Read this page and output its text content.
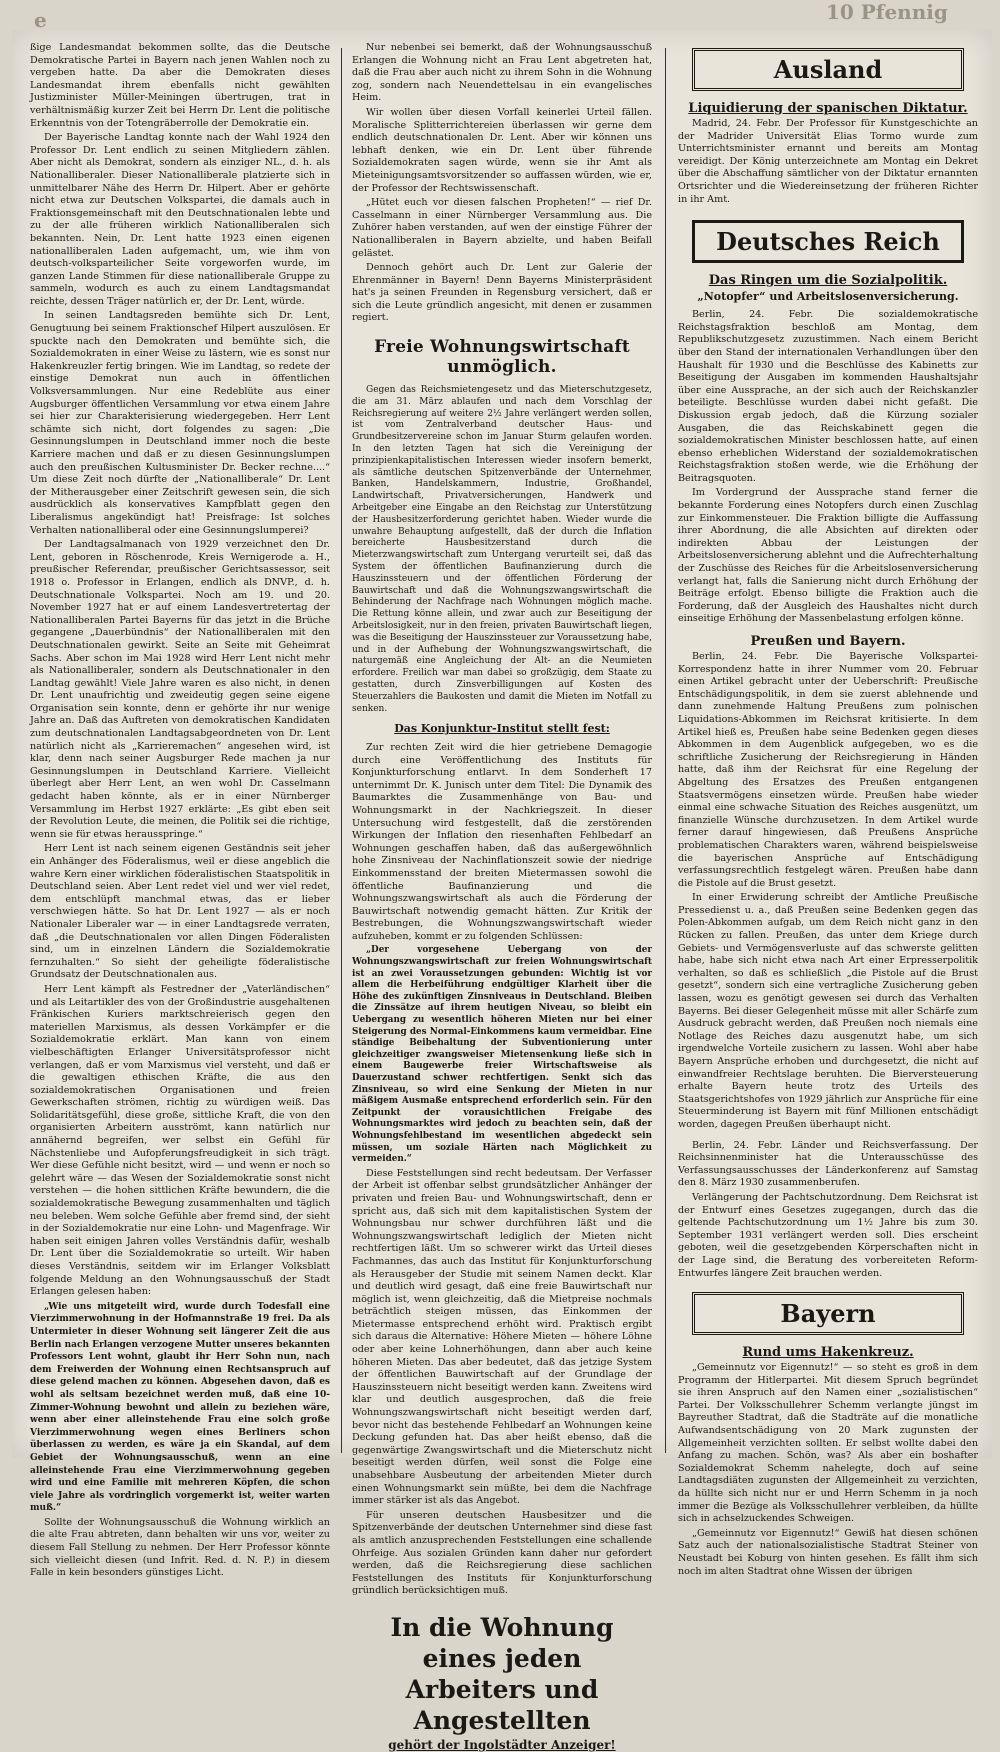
e	10 Pfennig

ßige Landesmandat bekommen sollte, das die Deutsche Demokratische Partei in Bayern nach jenen Wahlen noch zu vergeben hatte. Da aber die Demokraten dieses Landesmandat ihrem ebenfalls nicht gewählten Justizminister Müller-Meiningen übertrugen, trat in verhältnismäßig kurzer Zeit bei Herrn Dr. Lent die politische Erkenntnis von der Totengräberrolle der Demokratie ein.

Der Bayerische Landtag konnte nach der Wahl 1924 den Professor Dr. Lent endlich zu seinen Mitgliedern zählen. Aber nicht als Demokrat, sondern als einziger NL., d. h. als Nationalliberaler. Dieser Nationalliberale platzierte sich in unmittelbarer Nähe des Herrn Dr. Hilpert. Aber er gehörte nicht etwa zur Deutschen Volkspartei, die damals auch in Fraktionsgemeinschaft mit den Deutschnationalen lebte und zu der alle früheren wirklich Nationalliberalen sich bekannten. Nein, Dr. Lent hatte 1923 einen eigenen nationalliberalen Laden aufgemacht, um, wie ihm von deutsch-volksparteilicher Seite vorgeworfen wurde, im ganzen Lande Stimmen für diese nationalliberale Gruppe zu sammeln, wodurch es auch zu einem Landtagsmandat reichte, dessen Träger natürlich er, der Dr. Lent, würde.

In seinen Landtagsreden bemühte sich Dr. Lent, Genugtuung bei seinem Fraktionschef Hilpert auszulösen. Er spuckte nach den Demokraten und bemühte sich, die Sozialdemokraten in einer Weise zu lästern, wie es sonst nur Hakenkreuzler fertig bringen. Wie im Landtag, so redete der einstige Demokrat nun auch in öffentlichen Volksversammlungen. Nur eine Redeblüte aus einer Augsburger öffentlichen Versammlung vor etwa einem Jahre sei hier zur Charakterisierung wiedergegeben. Herr Lent schämte sich nicht, dort folgendes zu sagen: „Die Gesinnungslumpen in Deutschland immer noch die beste Karriere machen und daß er zu diesen Gesinnungslumpen auch den preußischen Kultusminister Dr. Becker rechne....“ Um diese Zeit noch dürfte der „Nationalliberale“ Dr. Lent der Mitherausgeber einer Zeitschrift gewesen sein, die sich ausdrücklich als konservatives Kampfblatt gegen den Liberalismus angekündigt hat! Preisfrage: Ist solches Verhalten nationalliberal oder eine Gesinnungslumperei?

Der Landtagsalmanach von 1929 verzeichnet den Dr. Lent, geboren in Röschenrode, Kreis Wernigerode a. H., preußischer Referendar, preußischer Gerichtsassessor, seit 1918 o. Professor in Erlangen, endlich als DNVP., d. h. Deutschnationale Volkspartei. Noch am 19. und 20. November 1927 hat er auf einem Landesvertretertag der Nationalliberalen Partei Bayerns für das jetzt in die Brüche gegangene „Dauerbündnis“ der Nationalliberalen mit den Deutschnationalen gewirkt. Seite an Seite mit Geheimrat Sachs. Aber schon im Mai 1928 wird Herr Lent nicht mehr als Nationalliberaler, sondern als Deutschnationaler in den Landtag gewählt! Viele Jahre waren es also nicht, in denen Dr. Lent unaufrichtig und zweideutig gegen seine eigene Organisation sein konnte, denn er gehörte ihr nur wenige Jahre an. Daß das Auftreten von demokratischen Kandidaten zum deutschnationalen Landtagsabgeordneten von Dr. Lent natürlich nicht als „Karrieremachen“ angesehen wird, ist klar, denn nach seiner Augsburger Rede machen ja nur Gesinnungslumpen in Deutschland Karriere. Vielleicht überlegt aber Herr Lent, an wen wohl Dr. Casselmann gedacht haben könnte, als er in einer Nürnberger Versammlung im Herbst 1927 erklärte: „Es gibt eben seit der Revolution Leute, die meinen, die Politik sei die richtige, wenn sie für etwas herausspringe.“

Herr Lent ist nach seinem eigenen Geständnis seit jeher ein Anhänger des Föderalismus, weil er diese angeblich die wahre Kern einer wirklichen föderalistischen Staatspolitik in Deutschland seien. Aber Lent redet viel und wer viel redet, dem entschlüpft manchmal etwas, das er lieber verschwiegen hätte. So hat Dr. Lent 1927 — als er noch Nationaler Liberaler war — in einer Landtagsrede verraten, daß „die Deutschnationalen vor allen Dingen Föderalisten sind, um in einzelnen Ländern die Sozialdemokratie fernzuhalten.“ So sieht der geheiligte föderalistische Grundsatz der Deutschnationalen aus.

Herr Lent kämpft als Festredner der „Vaterländischen“ und als Leitartikler des von der Großindustrie ausgehaltenen Fränkischen Kuriers marktschreierisch gegen den materiellen Marxismus, als dessen Vorkämpfer er die Sozialdemokratie erklärt. Man kann von einem vielbeschäftigten Erlanger Universitätsprofessor nicht verlangen, daß er vom Marxismus viel versteht, und daß er die gewaltigen ethischen Kräfte, die aus den sozialdemokratischen Organisationen und freien Gewerkschaften strömen, richtig zu würdigen weiß. Das Solidaritätsgefühl, diese große, sittliche Kraft, die von den organisierten Arbeitern ausströmt, kann natürlich nur annähernd begreifen, wer selbst ein Gefühl für Nächstenliebe und Aufopferungsfreudigkeit in sich trägt. Wer diese Gefühle nicht besitzt, wird — und wenn er noch so gelehrt wäre — das Wesen der Sozialdemokratie sonst nicht verstehen — die hohen sittlichen Kräfte bewundern, die die sozialdemokratische Bewegung zusammenhalten und täglich neu beleben. Wem solche Gefühle aber fremd sind, der sieht in der Sozialdemokratie nur eine Lohn- und Magenfrage. Wir haben seit einigen Jahren volles Verständnis dafür, weshalb Dr. Lent über die Sozialdemokratie so urteilt. Wir haben dieses Verständnis, seitdem wir im Erlanger Volksblatt folgende Meldung an den Wohnungsausschuß der Stadt Erlangen gelesen haben:

„Wie uns mitgeteilt wird, wurde durch Todesfall eine Vierzimmerwohnung in der Hofmannstraße 19 frei. Da als Untermieter in dieser Wohnung seit längerer Zeit die aus Berlin nach Erlangen verzogene Mutter unseres bekannten Professors Lent wohnt, glaubt ihr Herr Sohn nun, nach dem Freiwerden der Wohnung einen Rechtsanspruch auf diese gelend machen zu können. Abgesehen davon, daß es wohl als seltsam bezeichnet werden muß, daß eine 10-Zimmer-Wohnung bewohnt und allein zu beziehen wäre, wenn aber einer alleinstehende Frau eine solch große Vierzimmerwohnung wegen eines Berliners schon überlassen zu werden, es wäre ja ein Skandal, auf dem Gebiet der Wohnungsausschuß, wenn an eine alleinstehende Frau eine Vierzimmerwohnung gegeben wird und eine Familie mit mehreren Köpfen, die schon viele Jahre als vordringlich vorgemerkt ist, weiter warten muß.“

Sollte der Wohnungsausschuß die Wohnung wirklich an die alte Frau abtreten, dann behalten wir uns vor, weiter zu diesem Fall Stellung zu nehmen. Der Herr Professor könnte sich vielleicht diesen (und Infrit. Red. d. N. P.) in diesem Falle in kein besonders günstiges Licht.

Nur nebenbei sei bemerkt, daß der Wohnungsausschuß Erlangen die Wohnung nicht an Frau Lent abgetreten hat, daß die Frau aber auch nicht zu ihrem Sohn in die Wohnung zog, sondern nach Neuendettelsau in ein evangelisches Heim.

Wir wollen über diesen Vorfall keinerlei Urteil fällen. Moralische Splitterrichtereien überlassen wir gerne dem endlich deutschnationalen Dr. Lent. Aber wir können uns lebhaft denken, wie ein Dr. Lent über führende Sozialdemokraten sagen würde, wenn sie ihr Amt als Mieteinigungsamtsvorsitzender so auffassen würden, wie er, der Professor der Rechtswissenschaft.

„Hütet euch vor diesen falschen Propheten!“ — rief Dr. Casselmann in einer Nürnberger Versammlung aus. Die Zuhörer haben verstanden, auf wen der einstige Führer der Nationalliberalen in Bayern abzielte, und haben Beifall gelästet.

Dennoch gehört auch Dr. Lent zur Galerie der Ehrenmänner in Bayern! Denn Bayerns Ministerpräsident hat's ja seinen Freunden in Regensburg versichert, daß er sich die Leute gründlich angesicht, mit denen er zusammen regiert.

Freie Wohnungswirtschaft unmöglich.

Gegen das Reichsmietengesetz und das Mieterschutzgesetz, die am 31. März ablaufen und nach dem Vorschlag der Reichsregierung auf weitere 2½ Jahre verlängert werden sollen, ist vom Zentralverband deutscher Haus- und Grundbesitzervereine schon im Januar Sturm gelaufen worden. In den letzten Tagen hat sich die Vereinigung der prinzipienkapitalistischen Interessen wieder insofern bemerkt, als sämtliche deutschen Spitzenverbände der Unternehmer, Banken, Handelskammern, Industrie, Großhandel, Landwirtschaft, Privatversicherungen, Handwerk und Arbeitgeber eine Eingabe an den Reichstag zur Unterstützung der Hausbesitzerforderung gerichtet haben. Wieder wurde die unwahre Behauptung aufgestellt, daß der durch die Inflation bereicherte Hausbesitzerstand durch die Mieterzwangswirtschaft zum Untergang verurteilt sei, daß das System der öffentlichen Baufinanzierung durch die Hauszinssteuern und der öffentlichen Förderung der Bauwirtschaft und daß die Wohnungszwangswirtschaft die Behinderung der Nachfrage nach Wohnungen möglich mache. Die Rettung könne allein, und zwar auch zur Beseitigung der Arbeitslosigkeit, nur in den freien, privaten Bauwirtschaft liegen, was die Beseitigung der Hauszinssteuer zur Voraussetzung habe, und in der Aufhebung der Wohnungszwangswirtschaft, die naturgemäß eine Angleichung der Alt- an die Neumieten erfordere. Freilich war man dabei so großzügig, dem Staate zu gestatten, durch Zinsverbilligungen auf Kosten des Steuerzahlers die Baukosten und damit die Mieten im Notfall zu senken.

Das Konjunktur-Institut stellt fest:

Zur rechten Zeit wird die hier getriebene Demagogie durch eine Veröffentlichung des Instituts für Konjunkturforschung entlarvt. In dem Sonderheft 17 unternimmt Dr. K. Junisch unter dem Titel: Die Dynamik des Baumarktes die Zusammenhänge von Bau- und Wohnungsmarkt in der Nachkriegszeit. In dieser Untersuchung wird festgestellt, daß die zerstörenden Wirkungen der Inflation den riesenhaften Fehlbedarf an Wohnungen geschaffen haben, daß das außergewöhnlich hohe Zinsniveau der Nachinflationszeit sowie der niedrige Einkommensstand der breiten Mietermassen sowohl die öffentliche Baufinanzierung und die Wohnungszwangswirtschaft als auch die Förderung der Bauwirtschaft notwendig gemacht hätten. Zur Kritik der Bestrebungen, die Wohnungszwangswirtschaft wieder aufzuheben, kommt er zu folgenden Schlüssen:

„Der vorgesehene Uebergang von der Wohnungszwangswirtschaft zur freien Wohnungswirtschaft ist an zwei Voraussetzungen gebunden: Wichtig ist vor allem die Herbeiführung endgültiger Klarheit über die Höhe des zukünftigen Zinsniveaus in Deutschland. Bleiben die Zinssätze auf ihrem heutigen Niveau, so bleibt ein Uebergang zu wesentlich höheren Mieten nur bei einer Steigerung des Normal-Einkommens kaum vermeidbar. Eine ständige Beibehaltung der Subventionierung unter gleichzeitiger zwangsweiser Mietensenkung ließe sich in einem Baugewerbe freier Wirtschaftsweise als Dauerzustand schwer rechtfertigen. Senkt sich das Zinsniveau, so wird eine Senkung der Mieten in nur mäßigem Ausmaße entsprechend erforderlich sein. Für den Zeitpunkt der vorausichtlichen Freigabe des Wohnungsmarktes wird jedoch zu beachten sein, daß der Wohnungsfehlbestand im wesentlichen abgedeckt sein müssen, um soziale Härten nach Möglichkeit zu vermeiden.“

Diese Feststellungen sind recht bedeutsam. Der Verfasser der Arbeit ist offenbar selbst grundsätzlicher Anhänger der privaten und freien Bau- und Wohnungswirtschaft, denn er spricht aus, daß sich mit dem kapitalistischen System der Wohnungsbau nur schwer durchführen läßt und die Wohnungszwangswirtschaft lediglich der Mieten nicht rechtfertigen läßt. Um so schwerer wirkt das Urteil dieses Fachmannes, das auch das Institut für Konjunkturforschung als Herausgeber der Studie mit seinem Namen deckt. Klar und deutlich wird gesagt, daß eine freie Bauwirtschaft nur möglich ist, wenn gleichzeitig, daß die Mietpreise nochmals beträchtlich steigen müssen, das Einkommen der Mietermasse entsprechend erhöht wird. Praktisch ergibt sich daraus die Alternative: Höhere Mieten — höhere Löhne oder aber keine Lohnerhöhungen, dann aber auch keine höheren Mieten. Das aber bedeutet, daß das jetzige System der öffentlichen Bauwirtschaft auf der Grundlage der Hauszinssteuern nicht beseitigt werden kann. Zweitens wird klar und deutlich ausgesprochen, daß die freie Wohnungszwangswirtschaft nicht beseitigt werden darf, bevor nicht das bestehende Fehlbedarf an Wohnungen keine Deckung gefunden hat. Das aber heißt ebenso, daß die gegenwärtige Zwangswirtschaft und die Mieterschutz nicht beseitigt werden dürfen, weil sonst die Folge eine unabsehbare Ausbeutung der arbeitenden Mieter durch einen Wohnungsmarkt sein müßte, bei dem die Nachfrage immer stärker ist als das Angebot.

Für unseren deutschen Hausbesitzer und die Spitzenverbände der deutschen Unternehmer sind diese fast als amtlich anzusprechenden Feststellungen eine schallende Ohrfeige. Aus sozialen Gründen kann daher nur gefordert werden, daß die Reichsregierung diese sachlichen Feststellungen des Instituts für Konjunkturforschung gründlich berücksichtigen muß.

In die Wohnung eines jeden
Arbeiters und Angestellten
gehört der Ingolstädter Anzeiger!
Ausland
Liquidierung der spanischen Diktatur.

Madrid, 24. Febr. Der Professor für Kunstgeschichte an der Madrider Universität Elias Tormo wurde zum Unterrichtsminister ernannt und bereits am Montag vereidigt. Der König unterzeichnete am Montag ein Dekret über die Abschaffung sämtlicher von der Diktatur ernannten Ortsrichter und die Wiedereinsetzung der früheren Richter in ihr Amt.

Deutsches Reich
Das Ringen um die Sozialpolitik.
„Notopfer“ und Arbeitslosenversicherung.

Berlin, 24. Febr. Die sozialdemokratische Reichstagsfraktion beschloß am Montag, dem Republikschutzgesetz zuzustimmen. Nach einem Bericht über den Stand der internationalen Verhandlungen über den Haushalt für 1930 und die Beschlüsse des Kabinetts zur Beseitigung der Ausgaben im kommenden Haushaltsjahr über eine Aussprache, an der sich auch der Reichskanzler beteiligte. Beschlüsse wurden dabei nicht gefaßt. Die Diskussion ergab jedoch, daß die Kürzung sozialer Ausgaben, die das Reichskabinett gegen die sozialdemokratischen Minister beschlossen hatte, auf einen ebenso erheblichen Widerstand der sozialdemokratischen Reichstagsfraktion stoßen werde, wie die Erhöhung der Beitragsquoten.

Im Vordergrund der Aussprache stand ferner die bekannte Forderung eines Notopfers durch einen Zuschlag zur Einkommensteuer. Die Fraktion billigte die Auffassung ihrer Abordnung, die alle Absichten auf direkten oder indirekten Abbau der Leistungen der Arbeitslosenversicherung ablehnt und die Aufrechterhaltung der Zuschüsse des Reiches für die Arbeitslosenversicherung verlangt hat, falls die Sanierung nicht durch Erhöhung der Beiträge erfolgt. Ebenso billigte die Fraktion auch die Forderung, daß der Ausgleich des Haushaltes nicht durch einseitige Erhöhung der Massenbelastung erfolgen könne.

Preußen und Bayern.

Berlin, 24. Febr. Die Bayerische Volkspartei-Korrespondenz hatte in ihrer Nummer vom 20. Februar einen Artikel gebracht unter der Ueberschrift: Preußische Entschädigungspolitik, in dem sie zuerst ablehnende und dann zunehmende Haltung Preußens zum polnischen Liquidations-Abkommen im Reichsrat kritisierte. In dem Artikel hieß es, Preußen habe seine Bedenken gegen dieses Abkommen in dem Augenblick aufgegeben, wo es die schriftliche Zusicherung der Reichsregierung in Händen hatte, daß ihm der Reichsrat für eine Regelung der Abgeltung des Ersatzes des Preußen entgangenen Staatsvermögens einsetzen würde. Preußen habe wieder einmal eine schwache Situation des Reiches ausgenützt, um finanzielle Wünsche durchzusetzen. In dem Artikel wurde ferner darauf hingewiesen, daß Preußens Ansprüche problematischen Charakters waren, während beispielsweise die bayerischen Ansprüche auf Entschädigung verfassungsrechtlich festgelegt wären. Preußen habe dann die Pistole auf die Brust gesetzt.

In einer Erwiderung schreibt der Amtliche Preußische Pressedienst u. a., daß Preußen seine Bedenken gegen das Polen-Abkommen aufgab, um dem Reich nicht ganz in den Rücken zu fallen. Preußen, das unter dem Kriege durch Gebiets- und Vermögensverluste auf das schwerste gelitten habe, habe sich nicht etwa nach Art einer Erpresserpolitik verhalten, so daß es schließlich „die Pistole auf die Brust gesetzt“, sondern sich eine vertragliche Zusicherung geben lassen, wozu es genötigt gewesen sei durch das Verhalten Bayerns. Bei dieser Gelegenheit müsse mit aller Schärfe zum Ausdruck gebracht werden, daß Preußen noch niemals eine Notlage des Reiches dazu ausgenutzt habe, um sich irgendwelche Vorteile zusichern zu lassen. Wohl aber habe Bayern Ansprüche erhoben und durchgesetzt, die nicht auf einwandfreier Rechtslage beruhten. Die Bierversteuerung erhalte Bayern heute trotz des Urteils des Staatsgerichtshofes von 1929 jährlich zur Ansprüche für eine Steuerminderung ist Bayern mit fünf Millionen entschädigt worden, dagegen Preußen überhaupt nicht.

Berlin, 24. Febr. Länder und Reichsverfassung. Der Reichsinnenminister hat die Unterausschüsse des Verfassungsausschusses der Länderkonferenz auf Samstag den 8. März 1930 zusammenberufen.

Verlängerung der Pachtschutzordnung. Dem Reichsrat ist der Entwurf eines Gesetzes zugegangen, durch das die geltende Pachtschutzordnung um 1½ Jahre bis zum 30. September 1931 verlängert werden soll. Dies erscheint geboten, weil die gesetzgebenden Körperschaften nicht in der Lage sind, die Beratung des vorbereiteten Reform-Entwurfes längere Zeit brauchen werden.

Bayern
Rund ums Hakenkreuz.

„Gemeinnutz vor Eigennutz!“ — so steht es groß in dem Programm der Hitlerpartei. Mit diesem Spruch begründet sie ihren Anspruch auf den Namen einer „sozialistischen“ Partei. Der Volksschullehrer Schemm verlangte jüngst im Bayreuther Stadtrat, daß die Stadträte auf die monatliche Aufwandsentschädigung von 20 Mark zugunsten der Allgemeinheit verzichten sollten. Er selbst wollte dabei den Anfang zu machen. Schön, was? Als aber ein boshafter Sozialdemokrat Schemm nahelegte, doch auf seine Landtagsdiäten zugunsten der Allgemeinheit zu verzichten, da hüllte sich nicht nur er und Herrn Schemm in ja noch immer die Bezüge als Volksschullehrer verbleiben, da hüllte sich in achselzuckendes Schweigen.

„Gemeinnutz vor Eigennutz!“ Gewiß hat diesen schönen Satz auch der nationalsozialistische Stadtrat Steiner von Neustadt bei Koburg von hinten gesehen. Es fällt ihm sich noch im alten Stadtrat ohne Wissen der übrigen
